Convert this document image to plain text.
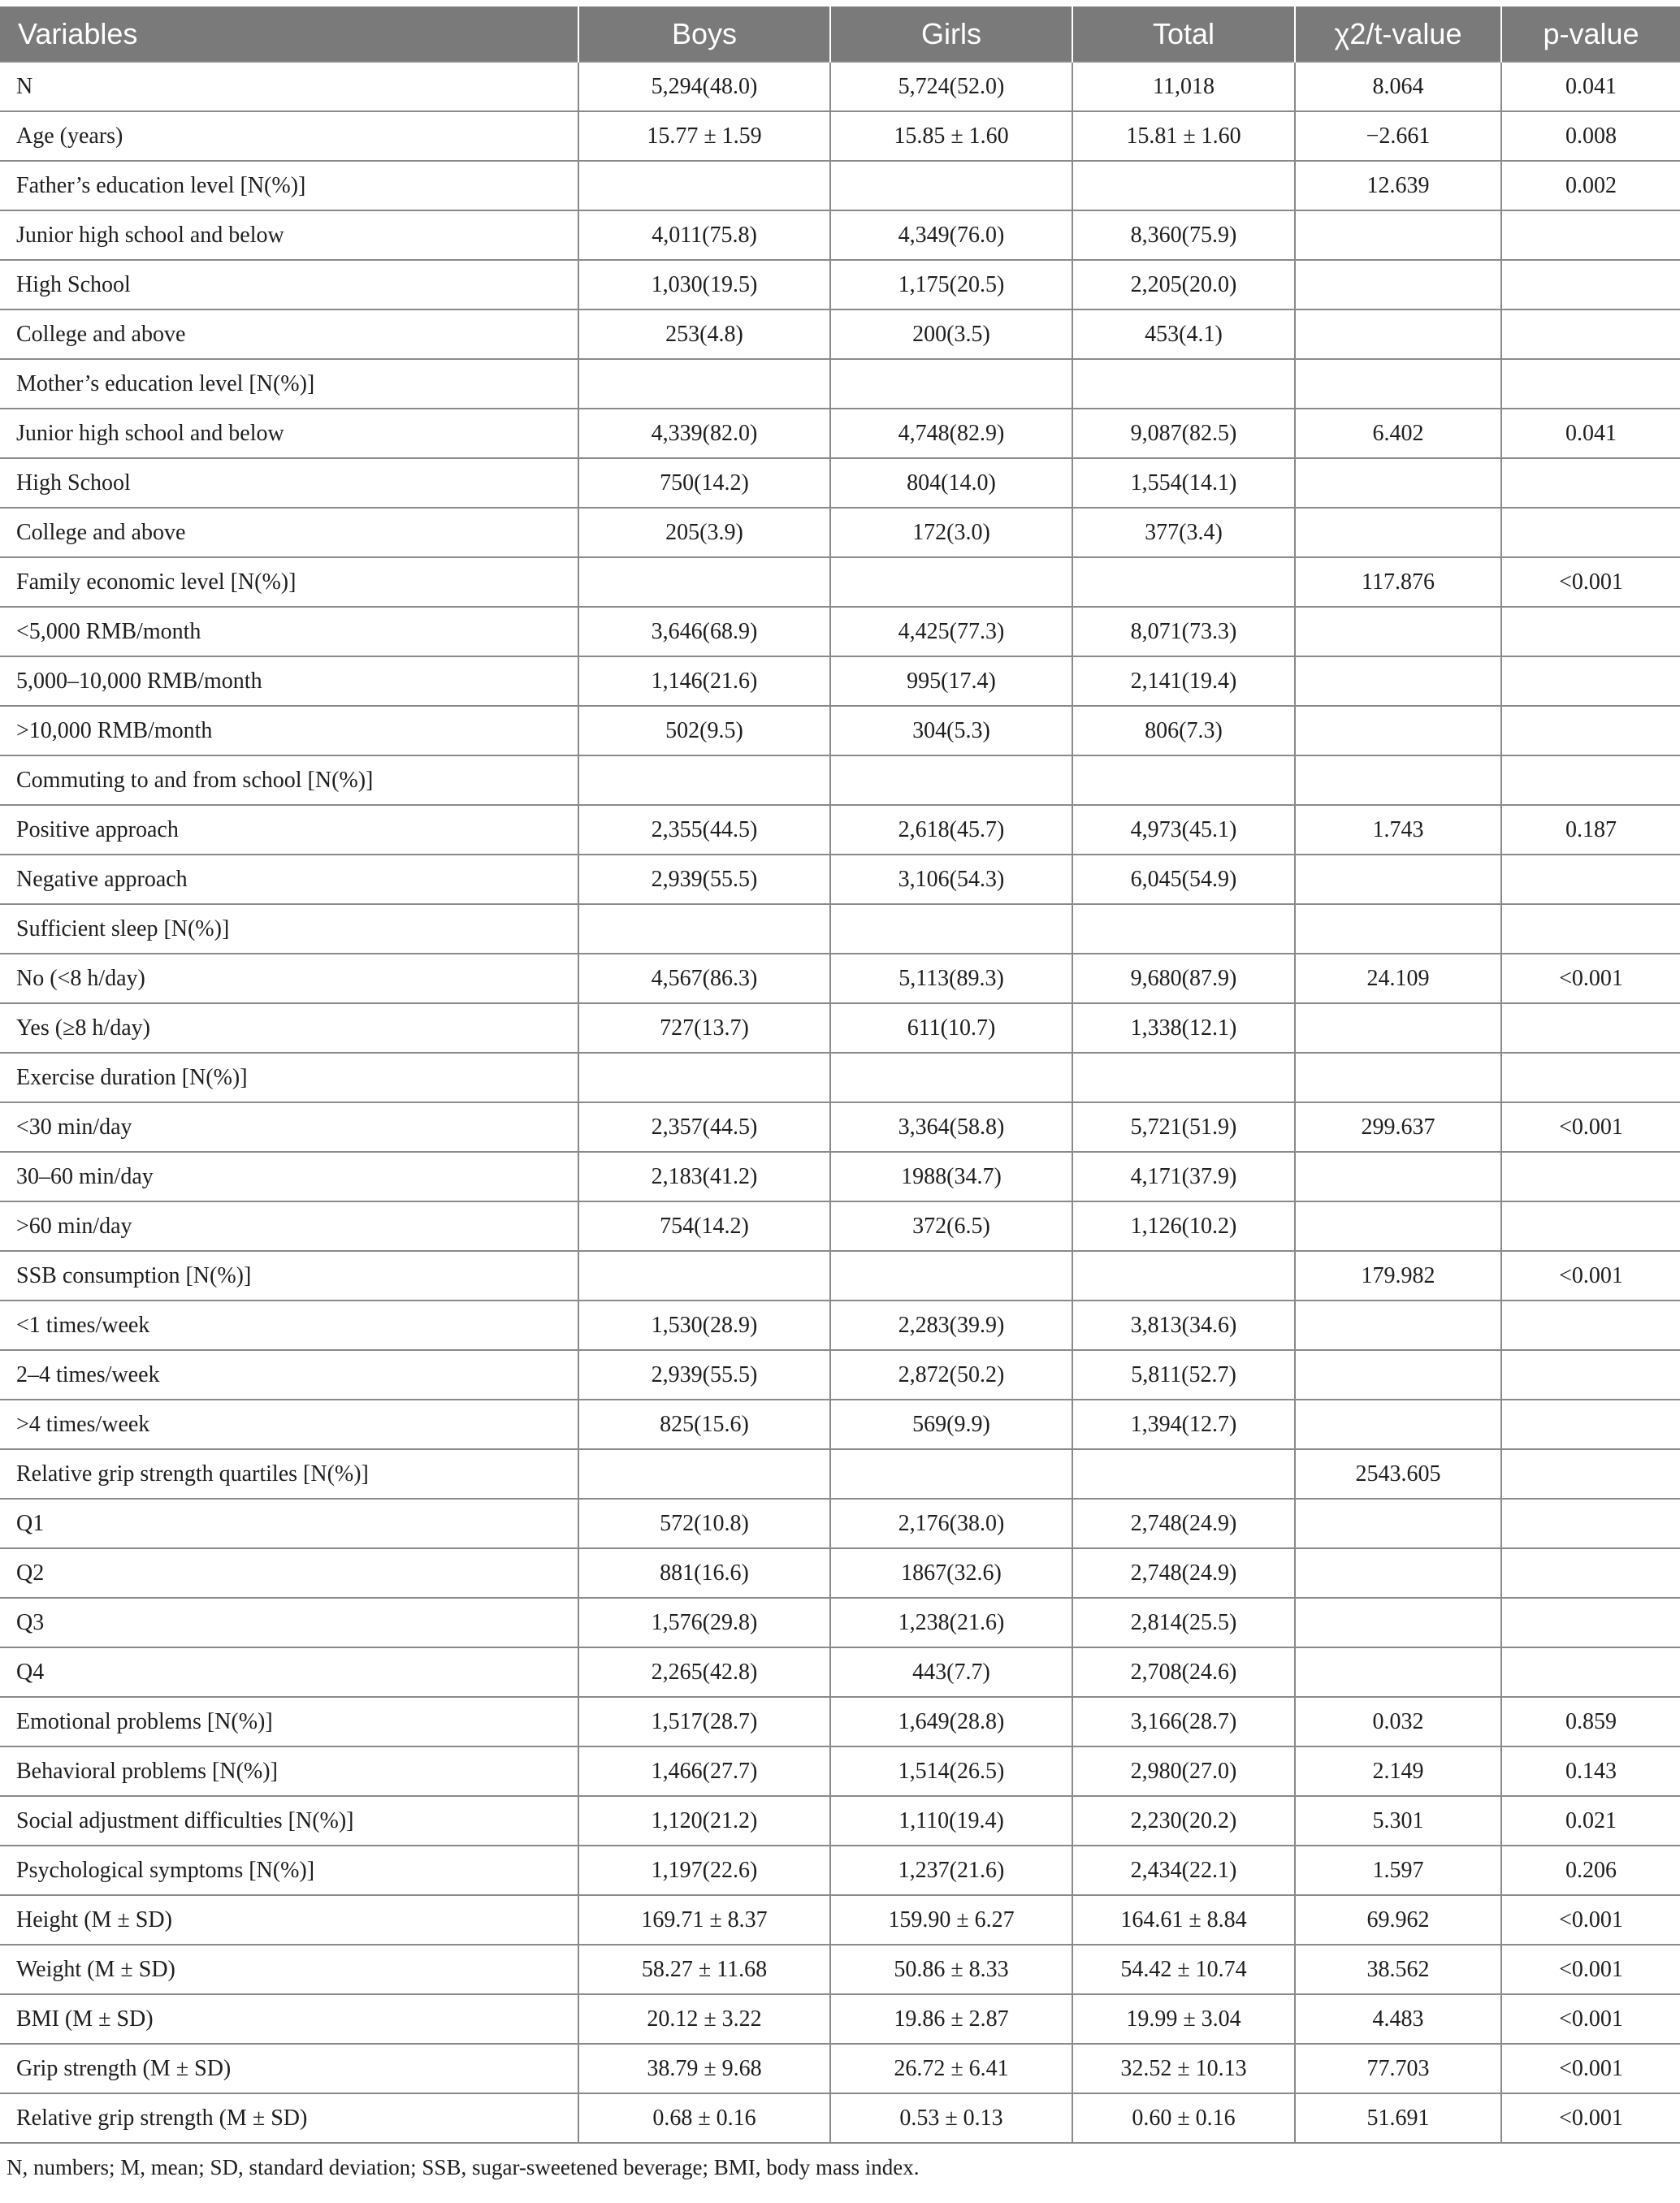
Variables	Boys	Girls	Total	χ2/t-value	p-value
N	5,294(48.0)	5,724(52.0)	11,018	8.064	0.041
Age (years)	15.77 ± 1.59	15.85 ± 1.60	15.81 ± 1.60	−2.661	0.008
Father’s education level [N(%)]				12.639	0.002
Junior high school and below	4,011(75.8)	4,349(76.0)	8,360(75.9)		
High School	1,030(19.5)	1,175(20.5)	2,205(20.0)		
College and above	253(4.8)	200(3.5)	453(4.1)		
Mother’s education level [N(%)]					
Junior high school and below	4,339(82.0)	4,748(82.9)	9,087(82.5)	6.402	0.041
High School	750(14.2)	804(14.0)	1,554(14.1)		
College and above	205(3.9)	172(3.0)	377(3.4)		
Family economic level [N(%)]				117.876	<0.001
<5,000 RMB/month	3,646(68.9)	4,425(77.3)	8,071(73.3)		
5,000–10,000 RMB/month	1,146(21.6)	995(17.4)	2,141(19.4)		
>10,000 RMB/month	502(9.5)	304(5.3)	806(7.3)		
Commuting to and from school [N(%)]					
Positive approach	2,355(44.5)	2,618(45.7)	4,973(45.1)	1.743	0.187
Negative approach	2,939(55.5)	3,106(54.3)	6,045(54.9)		
Sufficient sleep [N(%)]					
No (<8 h/day)	4,567(86.3)	5,113(89.3)	9,680(87.9)	24.109	<0.001
Yes (≥8 h/day)	727(13.7)	611(10.7)	1,338(12.1)		
Exercise duration [N(%)]					
<30 min/day	2,357(44.5)	3,364(58.8)	5,721(51.9)	299.637	<0.001
30–60 min/day	2,183(41.2)	1988(34.7)	4,171(37.9)		
>60 min/day	754(14.2)	372(6.5)	1,126(10.2)		
SSB consumption [N(%)]				179.982	<0.001
<1 times/week	1,530(28.9)	2,283(39.9)	3,813(34.6)		
2–4 times/week	2,939(55.5)	2,872(50.2)	5,811(52.7)		
>4 times/week	825(15.6)	569(9.9)	1,394(12.7)		
Relative grip strength quartiles [N(%)]				2543.605	
Q1	572(10.8)	2,176(38.0)	2,748(24.9)		
Q2	881(16.6)	1867(32.6)	2,748(24.9)		
Q3	1,576(29.8)	1,238(21.6)	2,814(25.5)		
Q4	2,265(42.8)	443(7.7)	2,708(24.6)		
Emotional problems [N(%)]	1,517(28.7)	1,649(28.8)	3,166(28.7)	0.032	0.859
Behavioral problems [N(%)]	1,466(27.7)	1,514(26.5)	2,980(27.0)	2.149	0.143
Social adjustment difficulties [N(%)]	1,120(21.2)	1,110(19.4)	2,230(20.2)	5.301	0.021
Psychological symptoms [N(%)]	1,197(22.6)	1,237(21.6)	2,434(22.1)	1.597	0.206
Height (M ± SD)	169.71 ± 8.37	159.90 ± 6.27	164.61 ± 8.84	69.962	<0.001
Weight (M ± SD)	58.27 ± 11.68	50.86 ± 8.33	54.42 ± 10.74	38.562	<0.001
BMI (M ± SD)	20.12 ± 3.22	19.86 ± 2.87	19.99 ± 3.04	4.483	<0.001
Grip strength (M ± SD)	38.79 ± 9.68	26.72 ± 6.41	32.52 ± 10.13	77.703	<0.001
Relative grip strength (M ± SD)	0.68 ± 0.16	0.53 ± 0.13	0.60 ± 0.16	51.691	<0.001
N, numbers; M, mean; SD, standard deviation; SSB, sugar-sweetened beverage; BMI, body mass index.
